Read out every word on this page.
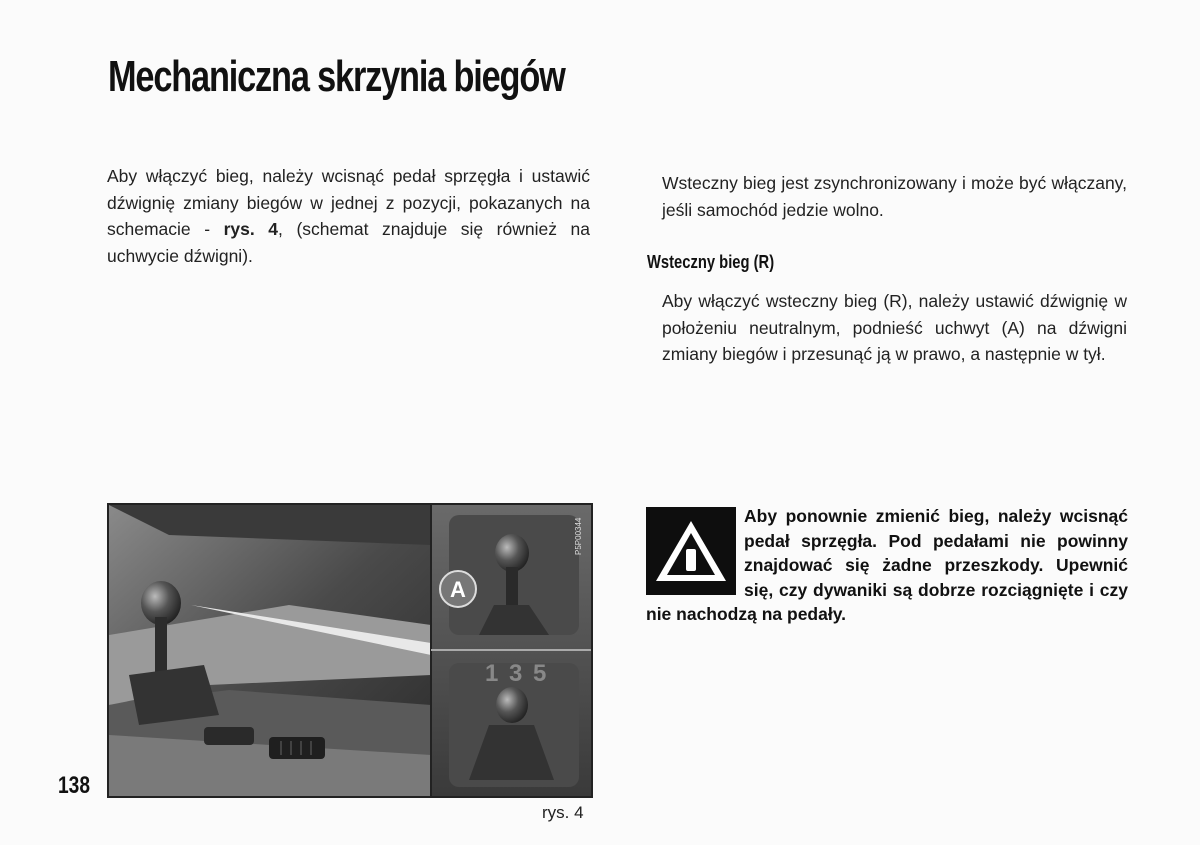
Mechaniczna skrzynia biegów

Aby włączyć bieg, należy wcisnąć pedał sprzęgła i ustawić dźwignię zmiany biegów w jednej z pozycji, pokazanych na schemacie - rys. 4, (schemat znajduje się również na uchwycie dźwigni).

Wsteczny bieg jest zsynchronizowany i może być włączany, jeśli samochód jedzie wolno.

Wsteczny bieg (R)

Aby włączyć wsteczny bieg (R), należy ustawić dźwignię w położeniu neutralnym, podnieść uchwyt (A) na dźwigni zmiany biegów i przesunąć ją w prawo, a następnie w tył.

Aby ponownie zmienić bieg, należy wcisnąć pedał sprzęgła. Pod pedałami nie powinny znajdować się żadne przeszkody. Upewnić się, czy dywaniki są dobrze rozciągnięte i czy nie nachodzą na pedały.

A
1 3 5
P5P00344

138

rys. 4
